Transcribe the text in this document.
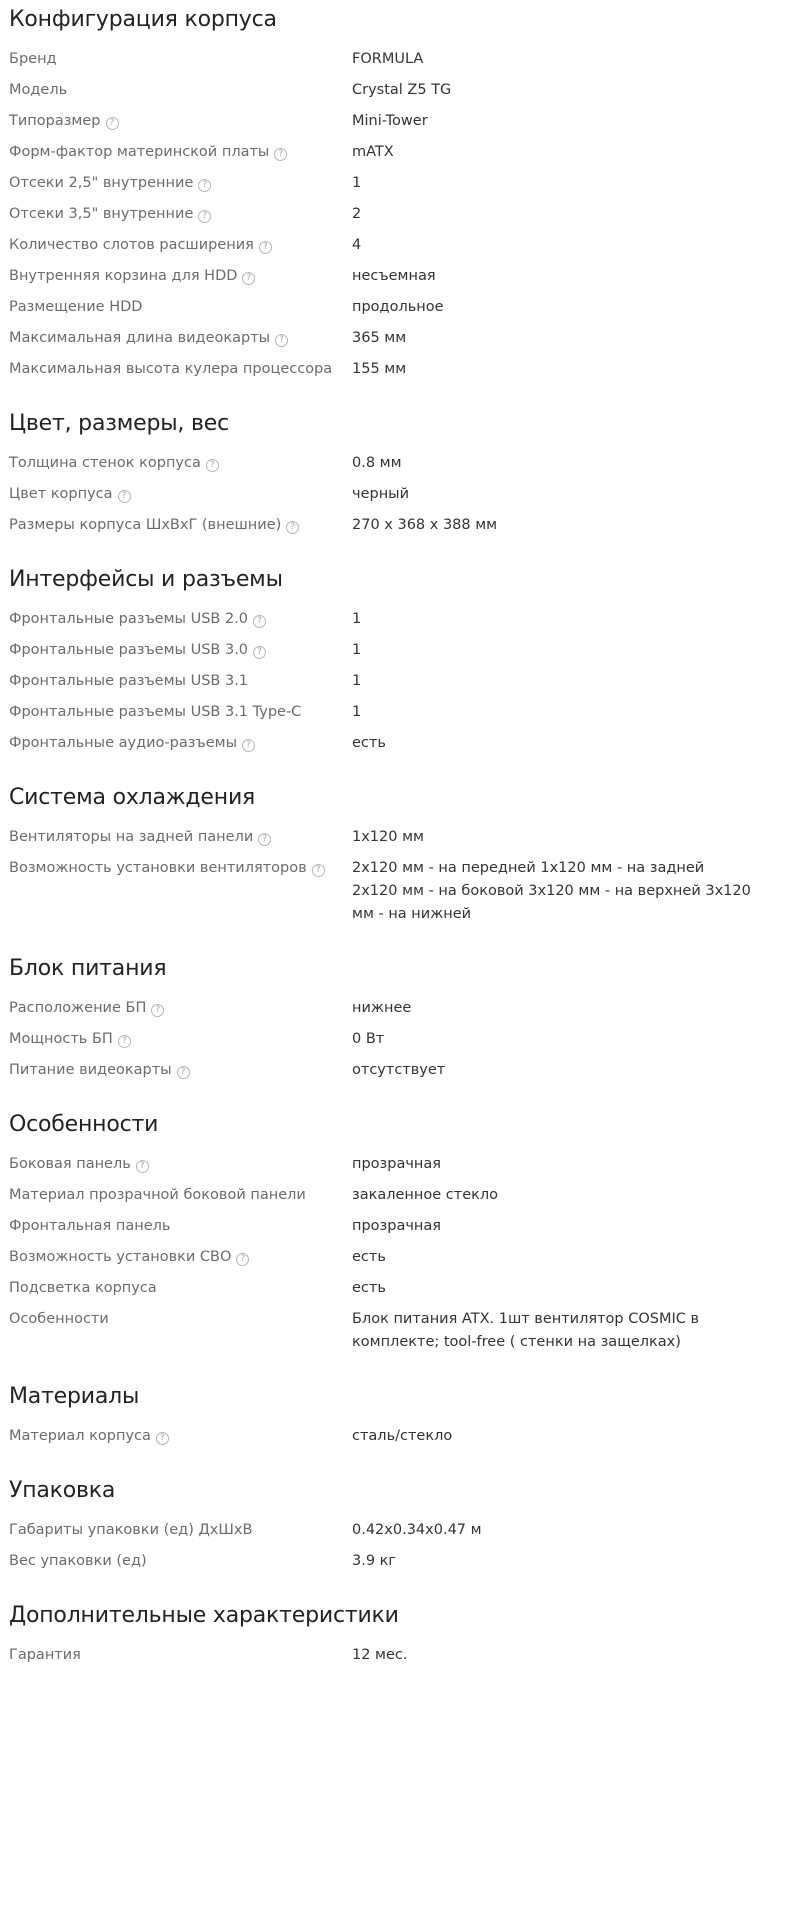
Конфигурация корпуса
Бренд	FORMULA
Модель	Crystal Z5 TG
Типоразмер ?	Mini-Tower
Форм-фактор материнской платы ?	mATX
Отсеки 2,5" внутренние ?	1
Отсеки 3,5" внутренние ?	2
Количество слотов расширения ?	4
Внутренняя корзина для HDD ?	несъемная
Размещение HDD	продольное
Максимальная длина видеокарты ?	365 мм
Максимальная высота кулера процессора	155 мм
Цвет, размеры, вес
Толщина стенок корпуса ?	0.8 мм
Цвет корпуса ?	черный
Размеры корпуса ШхВхГ (внешние) ?	270 x 368 x 388 мм
Интерфейсы и разъемы
Фронтальные разъемы USB 2.0 ?	1
Фронтальные разъемы USB 3.0 ?	1
Фронтальные разъемы USB 3.1	1
Фронтальные разъемы USB 3.1 Type-C	1
Фронтальные аудио-разъемы ?	есть
Система охлаждения
Вентиляторы на задней панели ?	1x120 мм
Возможность установки вентиляторов ?	2x120 мм - на передней 1x120 мм - на задней 2x120 мм - на боковой 3x120 мм - на верхней 3x120 мм - на нижней
Блок питания
Расположение БП ?	нижнее
Мощность БП ?	0 Вт
Питание видеокарты ?	отсутствует
Особенности
Боковая панель ?	прозрачная
Материал прозрачной боковой панели	закаленное стекло
Фронтальная панель	прозрачная
Возможность установки СВО ?	есть
Подсветка корпуса	есть
Особенности	Блок питания ATX. 1шт вентилятор COSMIC в комплекте; tool-free ( стенки на защелках)
Материалы
Материал корпуса ?	сталь/стекло
Упаковка
Габариты упаковки (ед) ДхШхВ	0.42x0.34x0.47 м
Вес упаковки (ед)	3.9 кг
Дополнительные характеристики
Гарантия	12 мес.
